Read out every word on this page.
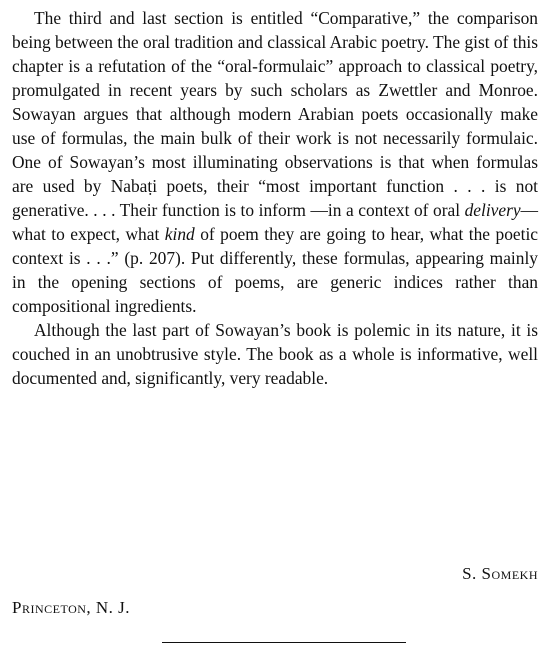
The third and last section is entitled “Comparative,” the comparison being between the oral tradition and classical Arabic poetry. The gist of this chapter is a refutation of the “oral-formulaic” approach to classical poetry, promulgated in recent years by such scholars as Zwettler and Monroe. Sowayan argues that although modern Arabian poets occasionally make use of formulas, the main bulk of their work is not necessarily formulaic. One of Sowayan’s most illuminating observations is that when formulas are used by Nabaṭi poets, their “most important function . . . is not generative. . . . Their function is to inform —in a context of oral delivery— what to expect, what kind of poem they are going to hear, what the poetic context is . . .” (p. 207). Put differently, these formulas, appearing mainly in the opening sections of poems, are generic indices rather than compositional ingredients.

Although the last part of Sowayan’s book is polemic in its nature, it is couched in an unobtrusive style. The book as a whole is informative, well documented and, significantly, very readable.

S. Somekh
Princeton, N. J.
